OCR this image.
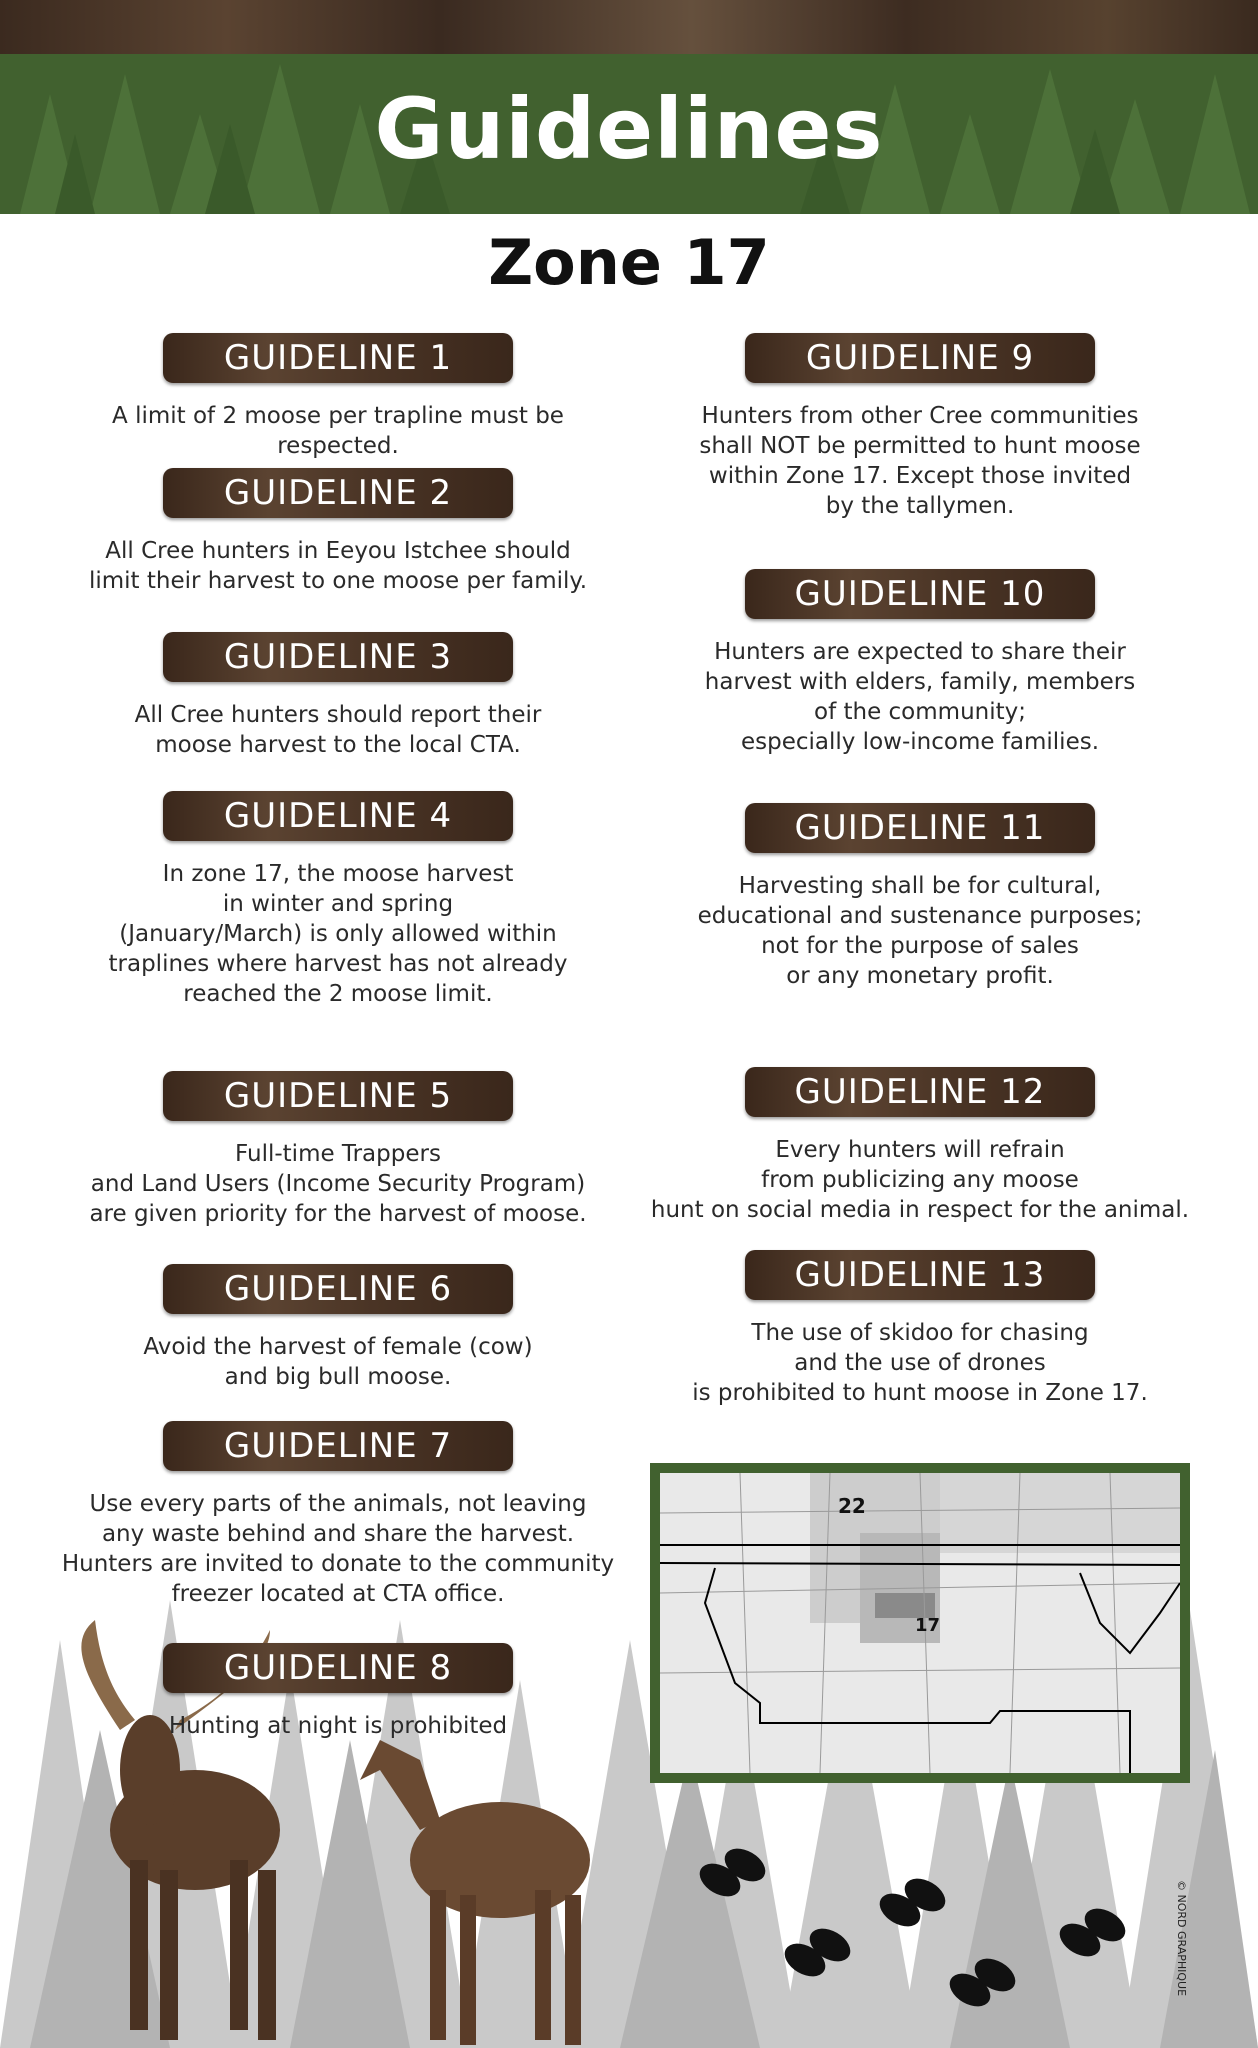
Guidelines
Zone 17
GUIDELINE 1
A limit of 2 moose per trapline must be respected.
GUIDELINE 2
All Cree hunters in Eeyou Istchee should
limit their harvest to one moose per family.
GUIDELINE 3
All Cree hunters should report their
moose harvest to the local CTA.
GUIDELINE 4
In zone 17, the moose harvest
in winter and spring
(January/March) is only allowed within
traplines where harvest has not already
reached the 2 moose limit.
GUIDELINE 5
Full-time Trappers
and Land Users (Income Security Program)
are given priority for the harvest of moose.
GUIDELINE 6
Avoid the harvest of female (cow)
and big bull moose.
GUIDELINE 7
Use every parts of the animals, not leaving
any waste behind and share the harvest.
Hunters are invited to donate to the community
freezer located at CTA office.
GUIDELINE 8
Hunting at night is prohibited
GUIDELINE 9
Hunters from other Cree communities
shall NOT be permitted to hunt moose
within Zone 17. Except those invited
by the tallymen.
GUIDELINE 10
Hunters are expected to share their
harvest with elders, family, members
of the community;
especially low-income families.
GUIDELINE 11
Harvesting shall be for cultural,
educational and sustenance purposes;
not for the purpose of sales
or any monetary profit.
GUIDELINE 12
Every hunters will refrain
from publicizing any moose
hunt on social media in respect for the animal.
GUIDELINE 13
The use of skidoo for chasing
and the use of drones
is prohibited to hunt moose in Zone 17.
22
17
© NORD GRAPHIQUE
